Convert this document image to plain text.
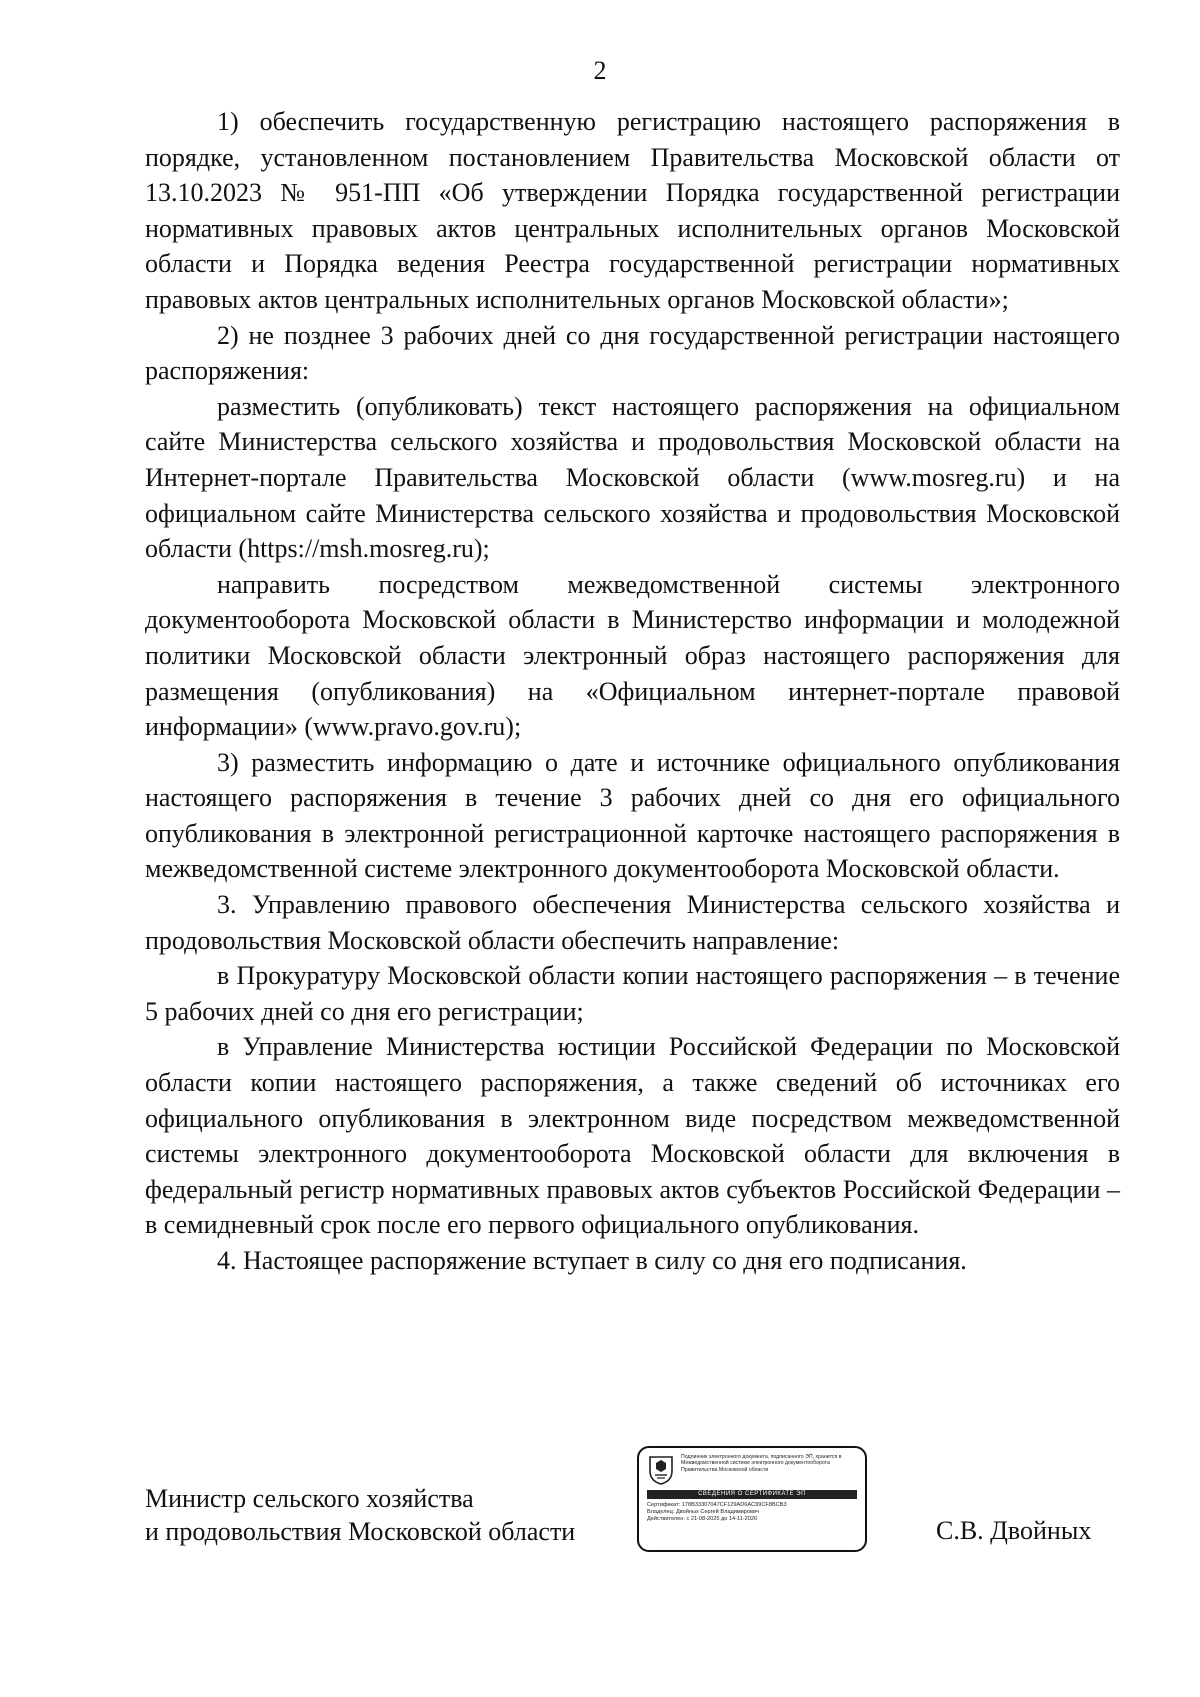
2

1) обеспечить государственную регистрацию настоящего распоряжения в порядке, установленном постановлением Правительства Московской области от 13.10.2023 № 951-ПП «Об утверждении Порядка государственной регистрации нормативных правовых актов центральных исполнительных органов Московской области и Порядка ведения Реестра государственной регистрации нормативных правовых актов центральных исполнительных органов Московской области»;

2) не позднее 3 рабочих дней со дня государственной регистрации настоящего распоряжения:

разместить (опубликовать) текст настоящего распоряжения на официальном сайте Министерства сельского хозяйства и продовольствия Московской области на Интернет-портале Правительства Московской области (www.mosreg.ru) и на официальном сайте Министерства сельского хозяйства и продовольствия Московской области (https://msh.mosreg.ru);

направить посредством межведомственной системы электронного документооборота Московской области в Министерство информации и молодежной политики Московской области электронный образ настоящего распоряжения для размещения (опубликования) на «Официальном интернет-портале правовой информации» (www.pravo.gov.ru);

3) разместить информацию о дате и источнике официального опубликования настоящего распоряжения в течение 3 рабочих дней со дня его официального опубликования в электронной регистрационной карточке настоящего распоряжения в межведомственной системе электронного документооборота Московской области.

3. Управлению правового обеспечения Министерства сельского хозяйства и продовольствия Московской области обеспечить направление:

в Прокуратуру Московской области копии настоящего распоряжения – в течение 5 рабочих дней со дня его регистрации;

в Управление Министерства юстиции Российской Федерации по Московской области копии настоящего распоряжения, а также сведений об источниках его официального опубликования в электронном виде посредством межведомственной системы электронного документооборота Московской области для включения в федеральный регистр нормативных правовых актов субъектов Российской Федерации – в семидневный срок после его первого официального опубликования.

4. Настоящее распоряжение вступает в силу со дня его подписания.

Министр сельского хозяйства
и продовольствия Московской области
Подлинник электронного документа, подписанного ЭП, хранится в Межведомственной системе электронного документооборота Правительства Московской области
СВЕДЕНИЯ О СЕРТИФИКАТЕ ЭП
Сертификат: 178B33307047CF129AD6AC99CF8BCB3
Владелец: Двойных Сергей Владимирович
Действителен: с 21-08-2025 до 14-11-2026	С.В. Двойных
